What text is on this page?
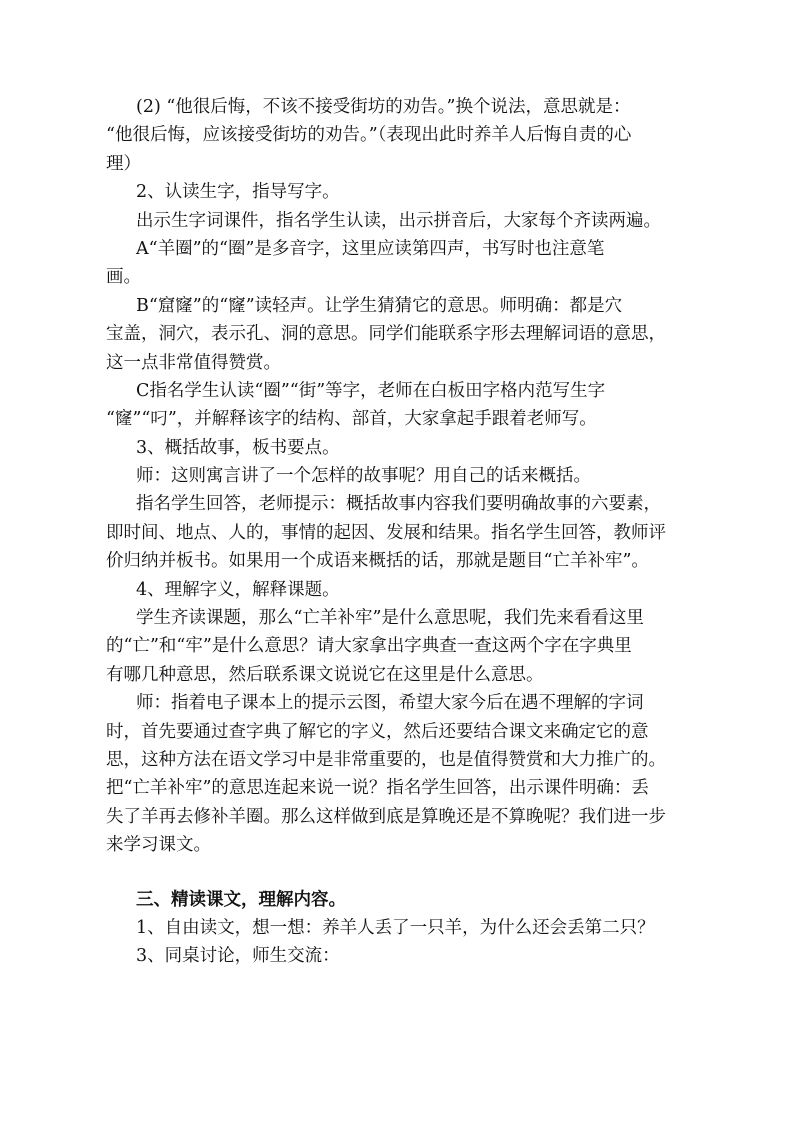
(2) “他很后悔，不该不接受街坊的劝告。”换个说法，意思就是：
“他很后悔，应该接受街坊的劝告。”（表现出此时养羊人后悔自责的心
理）
2、认读生字，指导写字。
出示生字词课件，指名学生认读，出示拼音后，大家每个齐读两遍。
A“羊圈”的“圈”是多音字，这里应读第四声，书写时也注意笔
画。
B“窟窿”的“窿”读轻声。让学生猜猜它的意思。师明确：都是穴
宝盖，洞穴，表示孔、洞的意思。同学们能联系字形去理解词语的意思，
这一点非常值得赞赏。
C指名学生认读“圈”“街”等字，老师在白板田字格内范写生字
“窿”“叼”，并解释该字的结构、部首，大家拿起手跟着老师写。
3、概括故事，板书要点。
师：这则寓言讲了一个怎样的故事呢？用自己的话来概括。
指名学生回答，老师提示：概括故事内容我们要明确故事的六要素，
即时间、地点、人的，事情的起因、发展和结果。指名学生回答，教师评
价归纳并板书。如果用一个成语来概括的话，那就是题目“亡羊补牢”。
4、理解字义，解释课题。
学生齐读课题，那么“亡羊补牢”是什么意思呢，我们先来看看这里
的“亡”和“牢”是什么意思？请大家拿出字典查一查这两个字在字典里
有哪几种意思，然后联系课文说说它在这里是什么意思。
师：指着电子课本上的提示云图，希望大家今后在遇不理解的字词
时，首先要通过查字典了解它的字义，然后还要结合课文来确定它的意
思，这种方法在语文学习中是非常重要的，也是值得赞赏和大力推广的。
把“亡羊补牢”的意思连起来说一说？指名学生回答，出示课件明确：丢
失了羊再去修补羊圈。那么这样做到底是算晚还是不算晚呢？我们进一步
来学习课文。
三、精读课文，理解内容。
1、自由读文，想一想：养羊人丢了一只羊，为什么还会丢第二只？
3、同桌讨论，师生交流：
